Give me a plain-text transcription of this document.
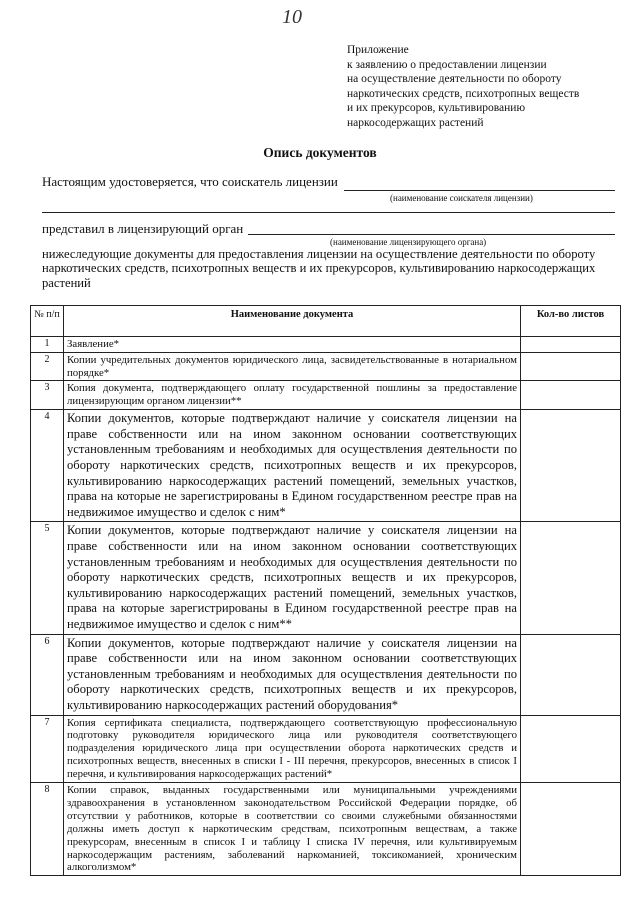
10
Приложение
к заявлению о предоставлении лицензии
на осуществление деятельности по обороту
наркотических средств, психотропных веществ
и их прекурсоров, культивированию
наркосодержащих растений
Опись документов
Настоящим удостоверяется, что соискатель лицензии
(наименование соискателя лицензии)
представил в лицензирующий орган
(наименование лицензирующего органа)
нижеследующие документы для предоставления лицензии на осуществление деятельности по обороту наркотических средств, психотропных веществ и их прекурсоров, культивированию наркосодержащих растений
№ п/п	Наименование документа	Кол-во листов
1	Заявление*	
2	Копии учредительных документов юридического лица, засвидетельствованные в нотариальном порядке*	
3	Копия документа, подтверждающего оплату государственной пошлины за предоставление лицензирующим органом лицензии**	
4	Копии документов, которые подтверждают наличие у соискателя лицензии на праве собственности или на ином законном основании соответствующих установленным требованиям и необходимых для осуществления деятельности по обороту наркотических средств, психотропных веществ и их прекурсоров, культивированию наркосодержащих растений помещений, земельных участков, права на которые не зарегистрированы в Едином государственном реестре прав на недвижимое имущество и сделок с ним*	
5	Копии документов, которые подтверждают наличие у соискателя лицензии на праве собственности или на ином законном основании соответствующих установленным требованиям и необходимых для осуществления деятельности по обороту наркотических средств, психотропных веществ и их прекурсоров, культивированию наркосодержащих растений помещений, земельных участков, права на которые зарегистрированы в Едином государственной реестре прав на недвижимое имущество и сделок с ним**	
6	Копии документов, которые подтверждают наличие у соискателя лицензии на праве собственности или на ином законном основании соответствующих установленным требованиям и необходимых для осуществления деятельности по обороту наркотических средств, психотропных веществ и их прекурсоров, культивированию наркосодержащих растений оборудования*	
7	Копия сертификата специалиста, подтверждающего соответствующую профессиональную подготовку руководителя юридического лица или руководителя соответствующего подразделения юридического лица при осуществлении оборота наркотических средств и психотропных веществ, внесенных в списки I - III перечня, прекурсоров, внесенных в список I перечня, и культивирования наркосодержащих растений*	
8	Копии справок, выданных государственными или муниципальными учреждениями здравоохранения в установленном законодательством Российской Федерации порядке, об отсутствии у работников, которые в соответствии со своими служебными обязанностями должны иметь доступ к наркотическим средствам, психотропным веществам, а также прекурсорам, внесенным в список I и таблицу I списка IV перечня, или культивируемым наркосодержащим растениям, заболеваний наркоманией, токсикоманией, хроническим алкоголизмом*	
